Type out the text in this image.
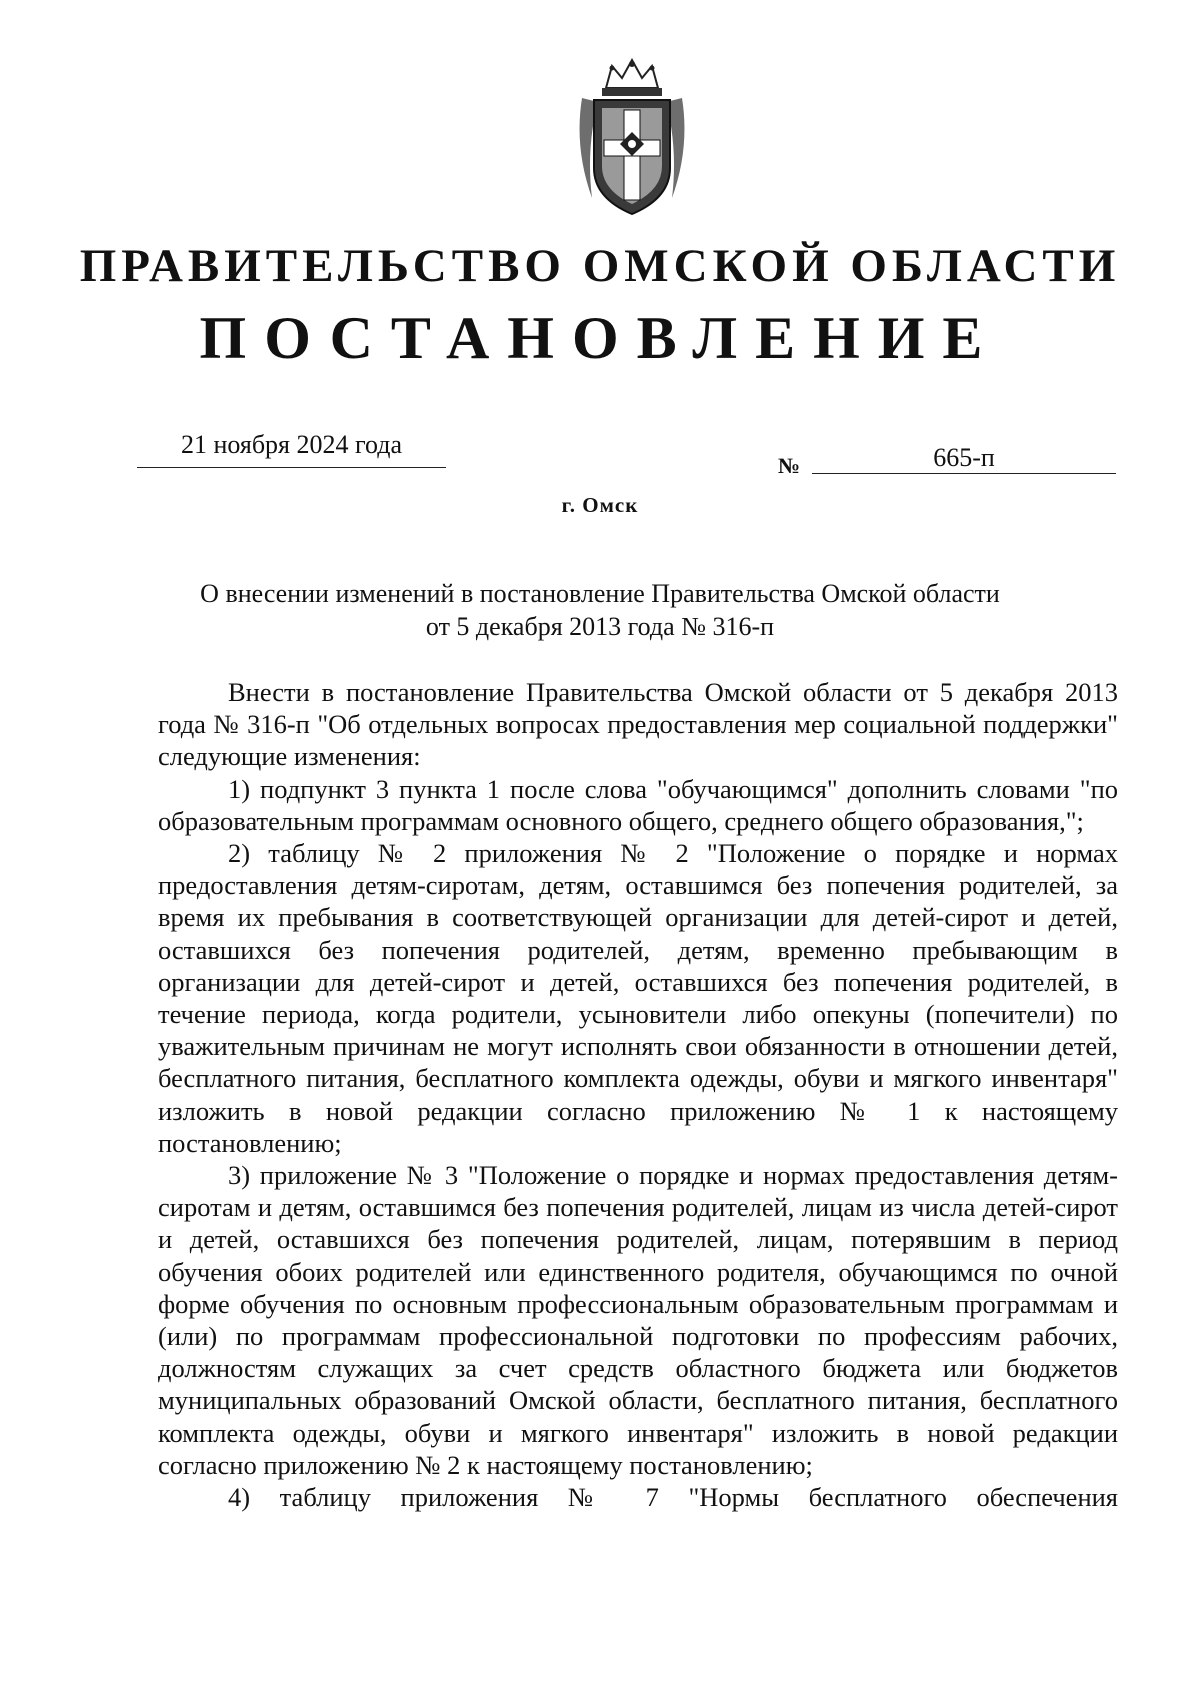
ПРАВИТЕЛЬСТВО ОМСКОЙ ОБЛАСТИ
ПОСТАНОВЛЕНИЕ
21 ноября 2024 года
№	665-п
г. Омск
О внесении изменений в постановление Правительства Омской области
от 5 декабря 2013 года № 316-п

Внести в постановление Правительства Омской области от 5 декабря 2013 года № 316-п "Об отдельных вопросах предоставления мер социальной поддержки" следующие изменения:

1) подпункт 3 пункта 1 после слова "обучающимся" дополнить словами "по образовательным программам основного общего, среднего общего образования,";

2) таблицу № 2 приложения № 2 "Положение о порядке и нормах предоставления детям-сиротам, детям, оставшимся без попечения родителей, за время их пребывания в соответствующей организации для детей-сирот и детей, оставшихся без попечения родителей, детям, временно пребывающим в организации для детей-сирот и детей, оставшихся без попечения родителей, в течение периода, когда родители, усыновители либо опекуны (попечители) по уважительным причинам не могут исполнять свои обязанности в отношении детей, бесплатного питания, бесплатного комплекта одежды, обуви и мягкого инвентаря" изложить в новой редакции согласно приложению № 1 к настоящему постановлению;

3) приложение № 3 "Положение о порядке и нормах предоставления детям-сиротам и детям, оставшимся без попечения родителей, лицам из числа детей-сирот и детей, оставшихся без попечения родителей, лицам, потерявшим в период обучения обоих родителей или единственного родителя, обучающимся по очной форме обучения по основным профессиональным образовательным программам и (или) по программам профессиональной подготовки по профессиям рабочих, должностям служащих за счет средств областного бюджета или бюджетов муниципальных образований Омской области, бесплатного питания, бесплатного комплекта одежды, обуви и мягкого инвентаря" изложить в новой редакции согласно приложению № 2 к настоящему постановлению;

4) таблицу приложения № 7 "Нормы бесплатного обеспечения
